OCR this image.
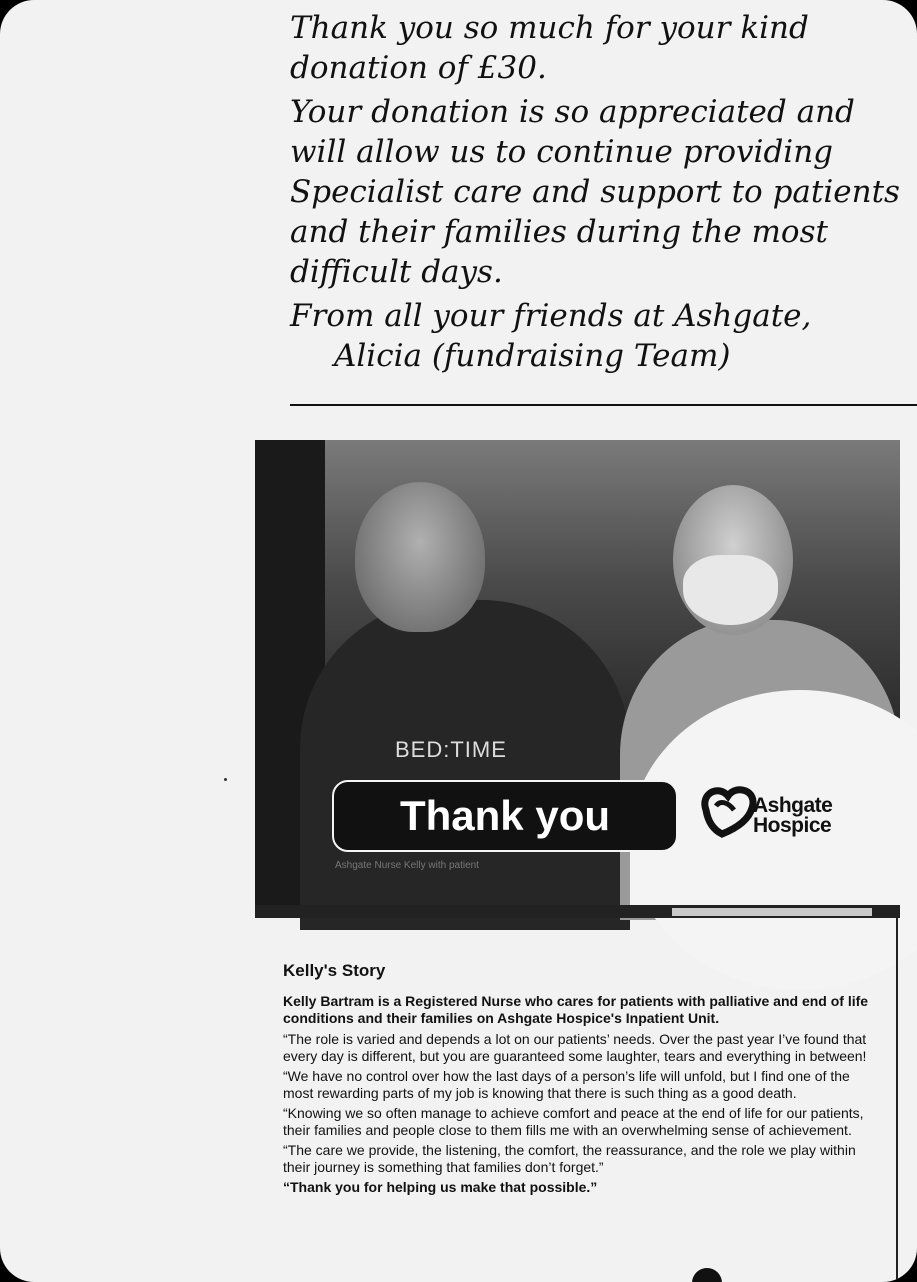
Thank you so much for your kind
donation of £30.

Your donation is so appreciated and
will allow us to continue providing
Specialist care and support to patients
and their families during the most
difficult days.

From all your friends at Ashgate,
Alicia (fundraising Team)

BED:TIME
Thank you
Ashgate Nurse Kelly with patient
Ashgate
Hospice
Kelly's Story

Kelly Bartram is a Registered Nurse who cares for patients with palliative and end of life conditions and their families on Ashgate Hospice's Inpatient Unit.

“The role is varied and depends a lot on our patients’ needs. Over the past year I’ve found that every day is different, but you are guaranteed some laughter, tears and everything in between!

“We have no control over how the last days of a person’s life will unfold, but I find one of the most rewarding parts of my job is knowing that there is such thing as a good death.

“Knowing we so often manage to achieve comfort and peace at the end of life for our patients, their families and people close to them fills me with an overwhelming sense of achievement.

“The care we provide, the listening, the comfort, the reassurance, and the role we play within their journey is something that families don’t forget.”

“Thank you for helping us make that possible.”
